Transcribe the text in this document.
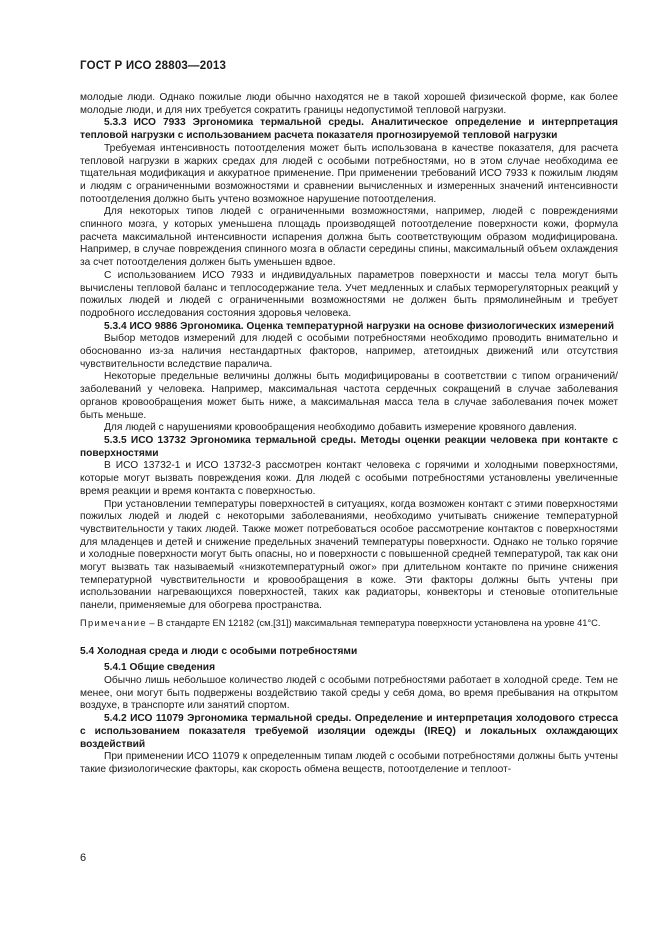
ГОСТ Р ИСО 28803—2013

молодые люди. Однако пожилые люди обычно находятся не в такой хорошей физической форме, как более молодые люди, и для них требуется сократить границы недопустимой тепловой нагрузки.

5.3.3 ИСО 7933 Эргономика термальной среды. Аналитическое определение и интерпретация тепловой нагрузки с использованием расчета показателя прогнозируемой тепловой нагрузки

Требуемая интенсивность потоотделения может быть использована в качестве показателя, для расчета тепловой нагрузки в жарких средах для людей с особыми потребностями, но в этом случае необходима ее тщательная модификация и аккуратное применение. При применении требований ИСО 7933 к пожилым людям и людям с ограниченными возможностями и сравнении вычисленных и измеренных значений интенсивности потоотделения должно быть учтено возможное нарушение потоотделения.

Для некоторых типов людей с ограниченными возможностями, например, людей с повреждениями спинного мозга, у которых уменьшена площадь производящей потоотделение поверхности кожи, формула расчета максимальной интенсивности испарения должна быть соответствующим образом модифицирована. Например, в случае повреждения спинного мозга в области середины спины, максимальный объем охлаждения за счет потоотделения должен быть уменьшен вдвое.

С использованием ИСО 7933 и индивидуальных параметров поверхности и массы тела могут быть вычислены тепловой баланс и теплосодержание тела. Учет медленных и слабых терморегуляторных реакций у пожилых людей и людей с ограниченными возможностями не должен быть прямолинейным и требует подробного исследования состояния здоровья человека.

5.3.4 ИСО 9886 Эргономика. Оценка температурной нагрузки на основе физиологических измерений

Выбор методов измерений для людей с особыми потребностями необходимо проводить внимательно и обоснованно из-за наличия нестандартных факторов, например, атетоидных движений или отсутствия чувствительности вследствие паралича.

Некоторые предельные величины должны быть модифицированы в соответствии с типом ограничений/заболеваний у человека. Например, максимальная частота сердечных сокращений в случае заболевания органов кровообращения может быть ниже, а максимальная масса тела в случае заболевания почек может быть меньше.

Для людей с нарушениями кровообращения необходимо добавить измерение кровяного давления.

5.3.5 ИСО 13732 Эргономика термальной среды. Методы оценки реакции человека при контакте с поверхностями

В ИСО 13732-1 и ИСО 13732-3 рассмотрен контакт человека с горячими и холодными поверхностями, которые могут вызвать повреждения кожи. Для людей с особыми потребностями установлены увеличенные время реакции и время контакта с поверхностью.

При установлении температуры поверхностей в ситуациях, когда возможен контакт с этими поверхностями пожилых людей и людей с некоторыми заболеваниями, необходимо учитывать снижение температурной чувствительности у таких людей. Также может потребоваться особое рассмотрение контактов с поверхностями для младенцев и детей и снижение предельных значений температуры поверхности. Однако не только горячие и холодные поверхности могут быть опасны, но и поверхности с повышенной средней температурой, так как они могут вызвать так называемый «низкотемпературный ожог» при длительном контакте по причине снижения температурной чувствительности и кровообращения в коже. Эти факторы должны быть учтены при использовании нагревающихся поверхностей, таких как радиаторы, конвекторы и стеновые отопительные панели, применяемые для обогрева пространства.

Примечание – В стандарте EN 12182 (см.[31]) максимальная температура поверхности установлена на уровне 41°С.

5.4 Холодная среда и люди с особыми потребностями

5.4.1 Общие сведения

Обычно лишь небольшое количество людей с особыми потребностями работает в холодной среде. Тем не менее, они могут быть подвержены воздействию такой среды у себя дома, во время пребывания на открытом воздухе, в транспорте или занятий спортом.

5.4.2 ИСО 11079 Эргономика термальной среды. Определение и интерпретация холодового стресса с использованием показателя требуемой изоляции одежды (IREQ) и локальных охлаждающих воздействий

При применении ИСО 11079 к определенным типам людей с особыми потребностями должны быть учтены такие физиологические факторы, как скорость обмена веществ, потоотделение и теплоот-

6
